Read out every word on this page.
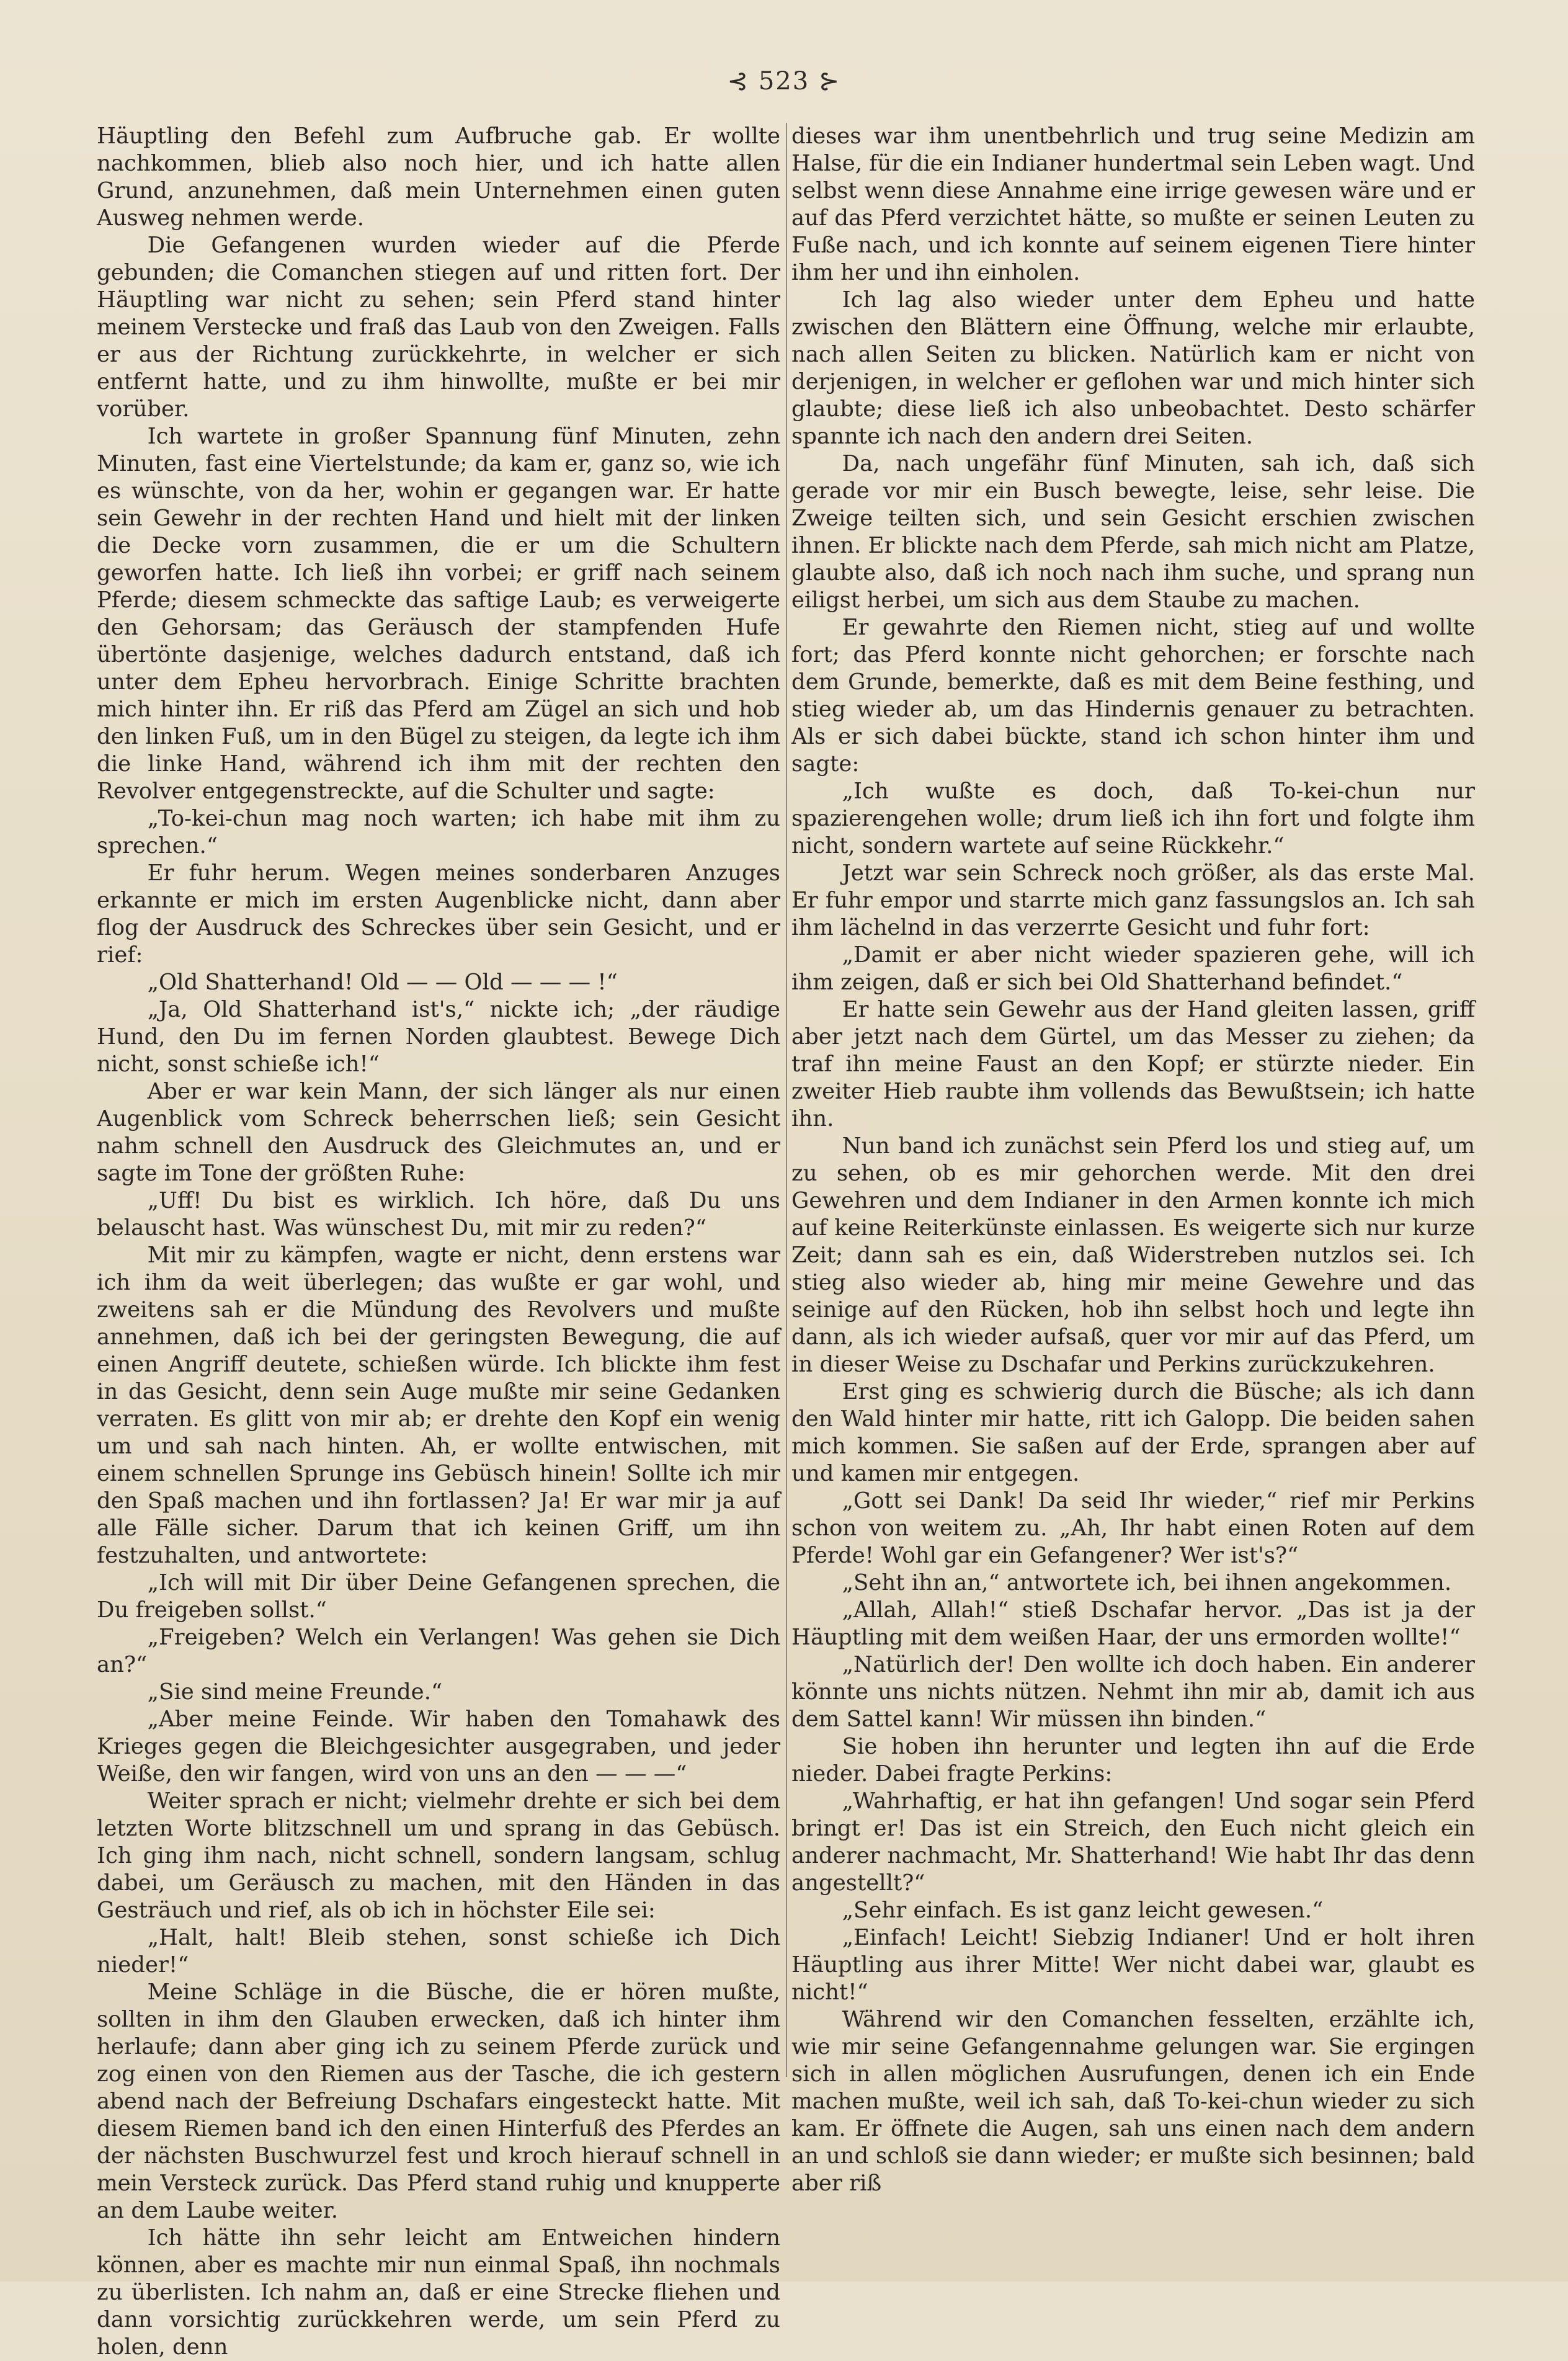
⊰ 523 ⊱

Häuptling den Befehl zum Aufbruche gab. Er wollte nachkommen, blieb also noch hier, und ich hatte allen Grund, anzunehmen, daß mein Unternehmen einen guten Ausweg nehmen werde.

Die Gefangenen wurden wieder auf die Pferde gebunden; die Comanchen stiegen auf und ritten fort. Der Häuptling war nicht zu sehen; sein Pferd stand hinter meinem Verstecke und fraß das Laub von den Zweigen. Falls er aus der Richtung zurückkehrte, in welcher er sich entfernt hatte, und zu ihm hinwollte, mußte er bei mir vorüber.

Ich wartete in großer Spannung fünf Minuten, zehn Minuten, fast eine Viertelstunde; da kam er, ganz so, wie ich es wünschte, von da her, wohin er gegangen war. Er hatte sein Gewehr in der rechten Hand und hielt mit der linken die Decke vorn zusammen, die er um die Schultern geworfen hatte. Ich ließ ihn vorbei; er griff nach seinem Pferde; diesem schmeckte das saftige Laub; es verweigerte den Gehorsam; das Geräusch der stampfenden Hufe übertönte dasjenige, welches dadurch entstand, daß ich unter dem Epheu hervorbrach. Einige Schritte brachten mich hinter ihn. Er riß das Pferd am Zügel an sich und hob den linken Fuß, um in den Bügel zu steigen, da legte ich ihm die linke Hand, während ich ihm mit der rechten den Revolver entgegenstreckte, auf die Schulter und sagte:

„To-kei-chun mag noch warten; ich habe mit ihm zu sprechen.“

Er fuhr herum. Wegen meines sonderbaren Anzuges erkannte er mich im ersten Augenblicke nicht, dann aber flog der Ausdruck des Schreckes über sein Gesicht, und er rief:

„Old Shatterhand! Old — — Old — — — !“

„Ja, Old Shatterhand ist's,“ nickte ich; „der räudige Hund, den Du im fernen Norden glaubtest. Bewege Dich nicht, sonst schieße ich!“

Aber er war kein Mann, der sich länger als nur einen Augenblick vom Schreck beherrschen ließ; sein Gesicht nahm schnell den Ausdruck des Gleichmutes an, und er sagte im Tone der größten Ruhe:

„Uff! Du bist es wirklich. Ich höre, daß Du uns belauscht hast. Was wünschest Du, mit mir zu reden?“

Mit mir zu kämpfen, wagte er nicht, denn erstens war ich ihm da weit überlegen; das wußte er gar wohl, und zweitens sah er die Mündung des Revolvers und mußte annehmen, daß ich bei der geringsten Bewegung, die auf einen Angriff deutete, schießen würde. Ich blickte ihm fest in das Gesicht, denn sein Auge mußte mir seine Gedanken verraten. Es glitt von mir ab; er drehte den Kopf ein wenig um und sah nach hinten. Ah, er wollte entwischen, mit einem schnellen Sprunge ins Gebüsch hinein! Sollte ich mir den Spaß machen und ihn fortlassen? Ja! Er war mir ja auf alle Fälle sicher. Darum that ich keinen Griff, um ihn festzuhalten, und antwortete:

„Ich will mit Dir über Deine Gefangenen sprechen, die Du freigeben sollst.“

„Freigeben? Welch ein Verlangen! Was gehen sie Dich an?“

„Sie sind meine Freunde.“

„Aber meine Feinde. Wir haben den Tomahawk des Krieges gegen die Bleichgesichter ausgegraben, und jeder Weiße, den wir fangen, wird von uns an den — — —“

Weiter sprach er nicht; vielmehr drehte er sich bei dem letzten Worte blitzschnell um und sprang in das Gebüsch. Ich ging ihm nach, nicht schnell, sondern langsam, schlug dabei, um Geräusch zu machen, mit den Händen in das Gesträuch und rief, als ob ich in höchster Eile sei:

„Halt, halt! Bleib stehen, sonst schieße ich Dich nieder!“

Meine Schläge in die Büsche, die er hören mußte, sollten in ihm den Glauben erwecken, daß ich hinter ihm herlaufe; dann aber ging ich zu seinem Pferde zurück und zog einen von den Riemen aus der Tasche, die ich gestern abend nach der Befreiung Dschafars eingesteckt hatte. Mit diesem Riemen band ich den einen Hinterfuß des Pferdes an der nächsten Buschwurzel fest und kroch hierauf schnell in mein Versteck zurück. Das Pferd stand ruhig und knupperte an dem Laube weiter.

Ich hätte ihn sehr leicht am Entweichen hindern können, aber es machte mir nun einmal Spaß, ihn nochmals zu überlisten. Ich nahm an, daß er eine Strecke fliehen und dann vorsichtig zurückkehren werde, um sein Pferd zu holen, denn

dieses war ihm unentbehrlich und trug seine Medizin am Halse, für die ein Indianer hundertmal sein Leben wagt. Und selbst wenn diese Annahme eine irrige gewesen wäre und er auf das Pferd verzichtet hätte, so mußte er seinen Leuten zu Fuße nach, und ich konnte auf seinem eigenen Tiere hinter ihm her und ihn einholen.

Ich lag also wieder unter dem Epheu und hatte zwischen den Blättern eine Öffnung, welche mir erlaubte, nach allen Seiten zu blicken. Natürlich kam er nicht von derjenigen, in welcher er geflohen war und mich hinter sich glaubte; diese ließ ich also unbeobachtet. Desto schärfer spannte ich nach den andern drei Seiten.

Da, nach ungefähr fünf Minuten, sah ich, daß sich gerade vor mir ein Busch bewegte, leise, sehr leise. Die Zweige teilten sich, und sein Gesicht erschien zwischen ihnen. Er blickte nach dem Pferde, sah mich nicht am Platze, glaubte also, daß ich noch nach ihm suche, und sprang nun eiligst herbei, um sich aus dem Staube zu machen.

Er gewahrte den Riemen nicht, stieg auf und wollte fort; das Pferd konnte nicht gehorchen; er forschte nach dem Grunde, bemerkte, daß es mit dem Beine festhing, und stieg wieder ab, um das Hindernis genauer zu betrachten. Als er sich dabei bückte, stand ich schon hinter ihm und sagte:

„Ich wußte es doch, daß To-kei-chun nur spazierengehen wolle; drum ließ ich ihn fort und folgte ihm nicht, sondern wartete auf seine Rückkehr.“

Jetzt war sein Schreck noch größer, als das erste Mal. Er fuhr empor und starrte mich ganz fassungslos an. Ich sah ihm lächelnd in das verzerrte Gesicht und fuhr fort:

„Damit er aber nicht wieder spazieren gehe, will ich ihm zeigen, daß er sich bei Old Shatterhand befindet.“

Er hatte sein Gewehr aus der Hand gleiten lassen, griff aber jetzt nach dem Gürtel, um das Messer zu ziehen; da traf ihn meine Faust an den Kopf; er stürzte nieder. Ein zweiter Hieb raubte ihm vollends das Bewußtsein; ich hatte ihn.

Nun band ich zunächst sein Pferd los und stieg auf, um zu sehen, ob es mir gehorchen werde. Mit den drei Gewehren und dem Indianer in den Armen konnte ich mich auf keine Reiterkünste einlassen. Es weigerte sich nur kurze Zeit; dann sah es ein, daß Widerstreben nutzlos sei. Ich stieg also wieder ab, hing mir meine Gewehre und das seinige auf den Rücken, hob ihn selbst hoch und legte ihn dann, als ich wieder aufsaß, quer vor mir auf das Pferd, um in dieser Weise zu Dschafar und Perkins zurückzukehren.

Erst ging es schwierig durch die Büsche; als ich dann den Wald hinter mir hatte, ritt ich Galopp. Die beiden sahen mich kommen. Sie saßen auf der Erde, sprangen aber auf und kamen mir entgegen.

„Gott sei Dank! Da seid Ihr wieder,“ rief mir Perkins schon von weitem zu. „Ah, Ihr habt einen Roten auf dem Pferde! Wohl gar ein Gefangener? Wer ist's?“

„Seht ihn an,“ antwortete ich, bei ihnen angekommen.

„Allah, Allah!“ stieß Dschafar hervor. „Das ist ja der Häuptling mit dem weißen Haar, der uns ermorden wollte!“

„Natürlich der! Den wollte ich doch haben. Ein anderer könnte uns nichts nützen. Nehmt ihn mir ab, damit ich aus dem Sattel kann! Wir müssen ihn binden.“

Sie hoben ihn herunter und legten ihn auf die Erde nieder. Dabei fragte Perkins:

„Wahrhaftig, er hat ihn gefangen! Und sogar sein Pferd bringt er! Das ist ein Streich, den Euch nicht gleich ein anderer nachmacht, Mr. Shatterhand! Wie habt Ihr das denn angestellt?“

„Sehr einfach. Es ist ganz leicht gewesen.“

„Einfach! Leicht! Siebzig Indianer! Und er holt ihren Häuptling aus ihrer Mitte! Wer nicht dabei war, glaubt es nicht!“

Während wir den Comanchen fesselten, erzählte ich, wie mir seine Gefangennahme gelungen war. Sie ergingen sich in allen möglichen Ausrufungen, denen ich ein Ende machen mußte, weil ich sah, daß To-kei-chun wieder zu sich kam. Er öffnete die Augen, sah uns einen nach dem andern an und schloß sie dann wieder; er mußte sich besinnen; bald aber riß
